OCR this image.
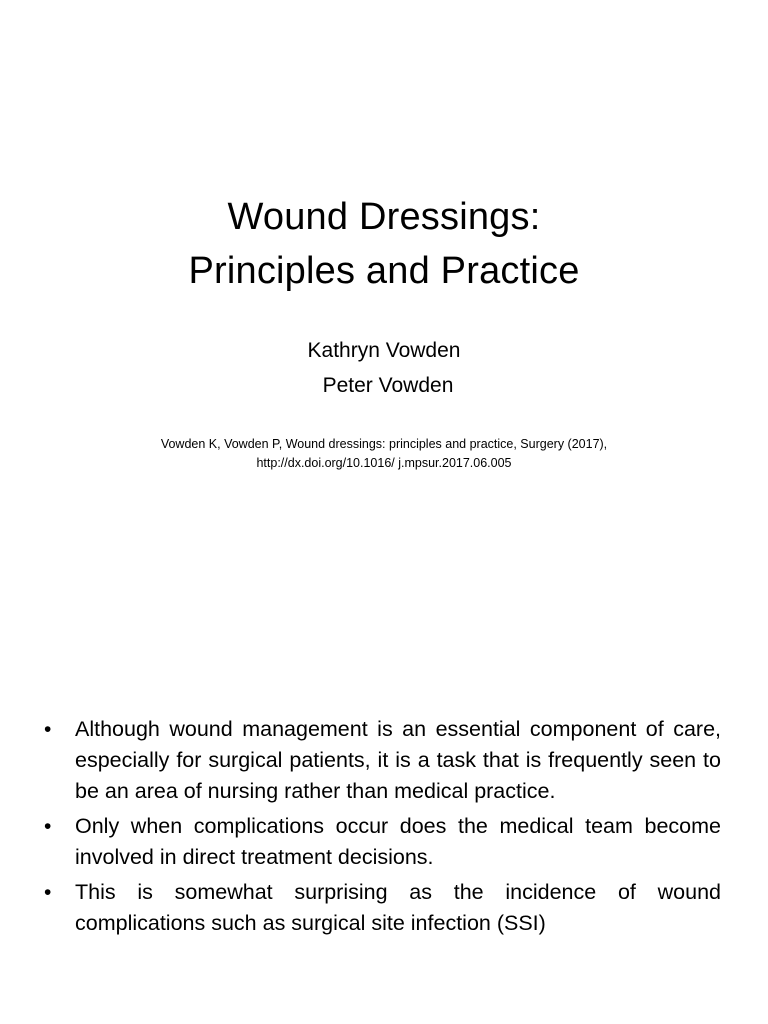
Wound Dressings:
Principles and Practice
Kathryn Vowden
Peter Vowden
Vowden K, Vowden P, Wound dressings: principles and practice, Surgery (2017),
http://dx.doi.org/10.1016/ j.mpsur.2017.06.005
• Although wound management is an essential component of care, especially for surgical patients, it is a task that is frequently seen to be an area of nursing rather than medical practice.
• Only when complications occur does the medical team become involved in direct treatment decisions.
• This is somewhat surprising as the incidence of wound complications such as surgical site infection (SSI)
